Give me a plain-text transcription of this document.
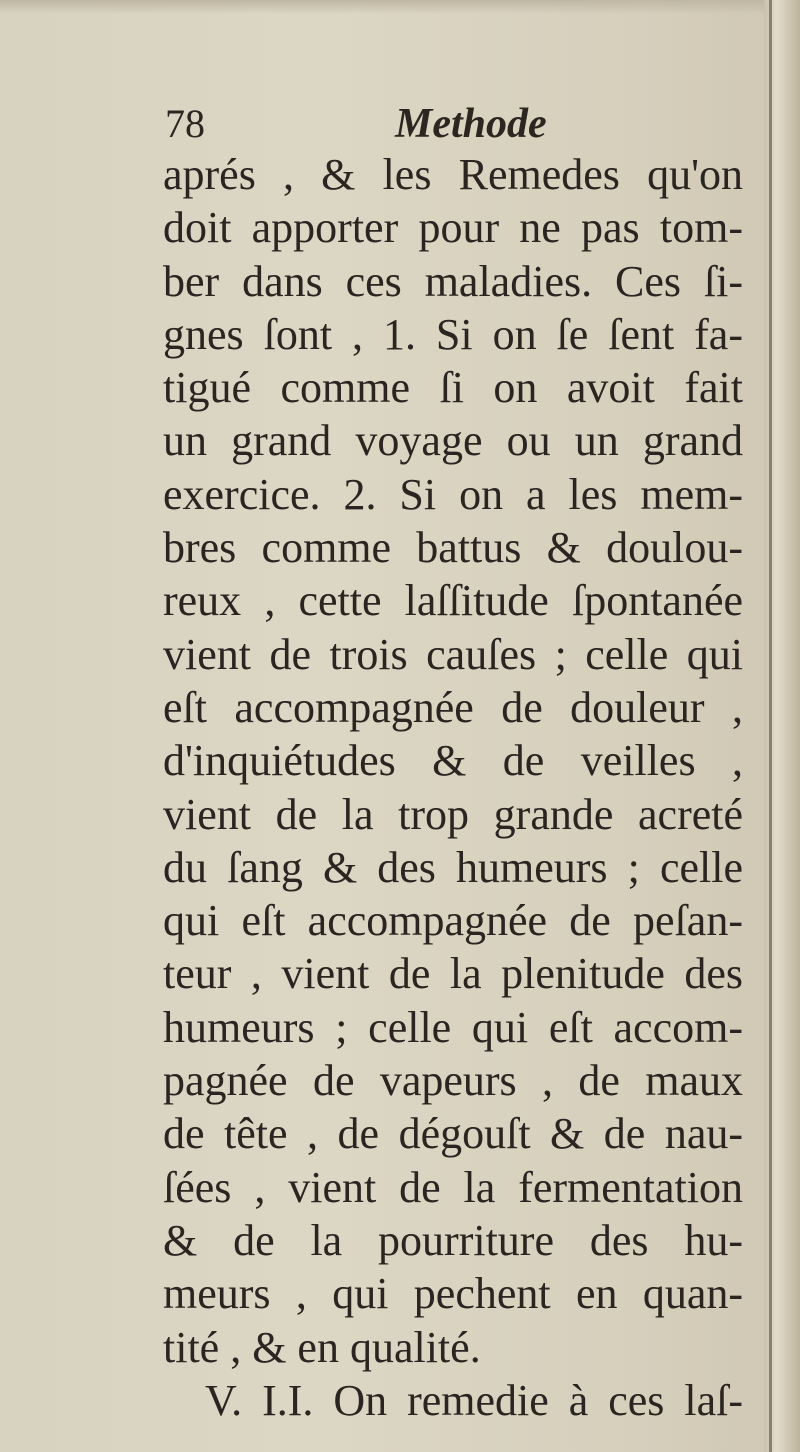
78	Methode
aprés , & les Remedes qu'on
doit apporter pour ne pas tom-
ber dans ces maladies. Ces ſi-
gnes ſont , 1. Si on ſe ſent fa-
tigué comme ſi on avoit fait
un grand voyage ou un grand
exercice. 2. Si on a les mem-
bres comme battus & doulou-
reux , cette laſſitude ſpontanée
vient de trois cauſes ; celle qui
eſt accompagnée de douleur ,
d'inquiétudes & de veilles ,
vient de la trop grande acreté
du ſang & des humeurs ; celle
qui eſt accompagnée de peſan-
teur , vient de la plenitude des
humeurs ; celle qui eſt accom-
pagnée de vapeurs , de maux
de tête , de dégouſt & de nau-
ſées , vient de la fermentation
& de la pourriture des hu-
meurs , qui pechent en quan-
tité , & en qualité.
V. I.I. On remedie à ces laſ-
